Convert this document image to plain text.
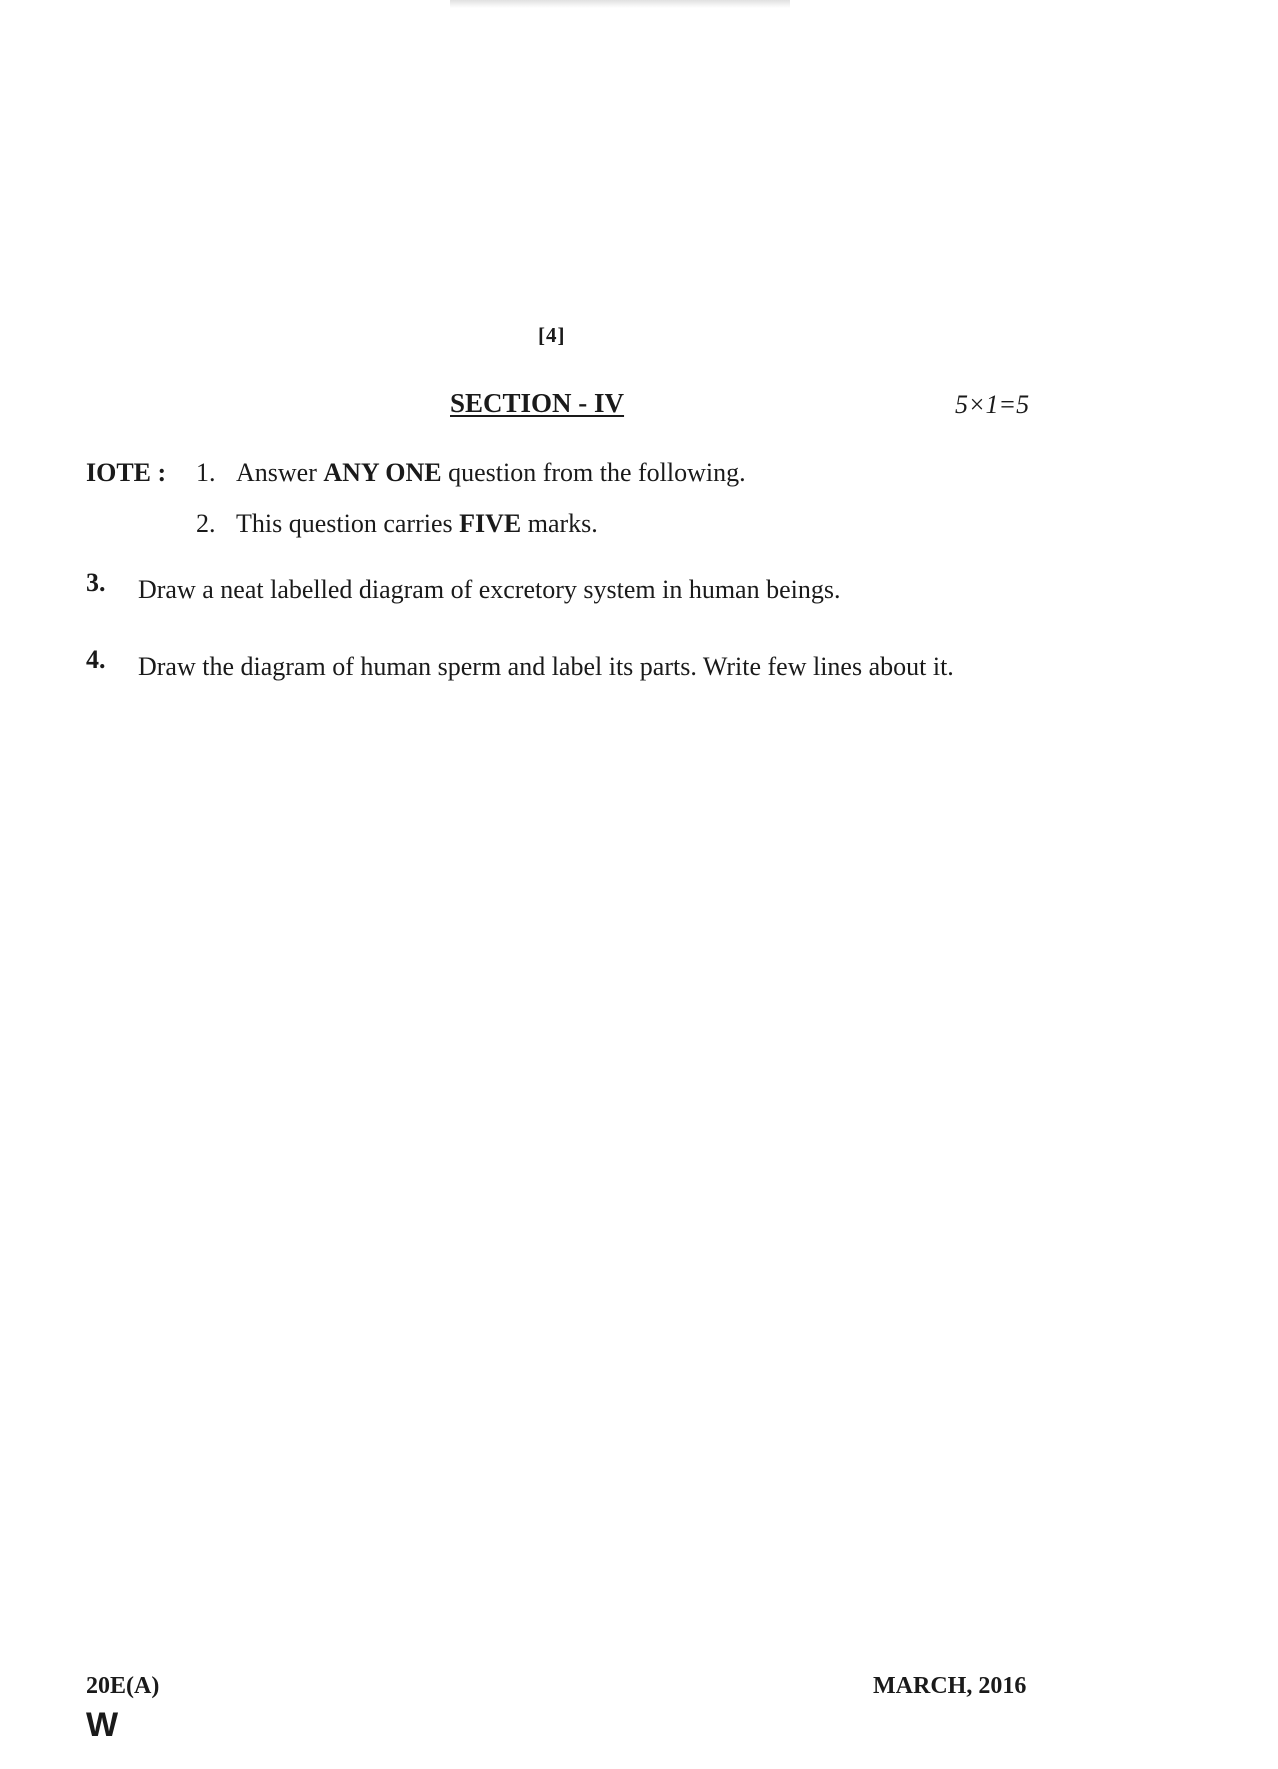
[4]
SECTION - IV	5×1=5
IOTE : 1. Answer ANY ONE question from the following.
2. This question carries FIVE marks.
3. Draw a neat labelled diagram of excretory system in human beings.
4. Draw the diagram of human sperm and label its parts. Write few lines about it.
20E(A)	MARCH, 2016
W
